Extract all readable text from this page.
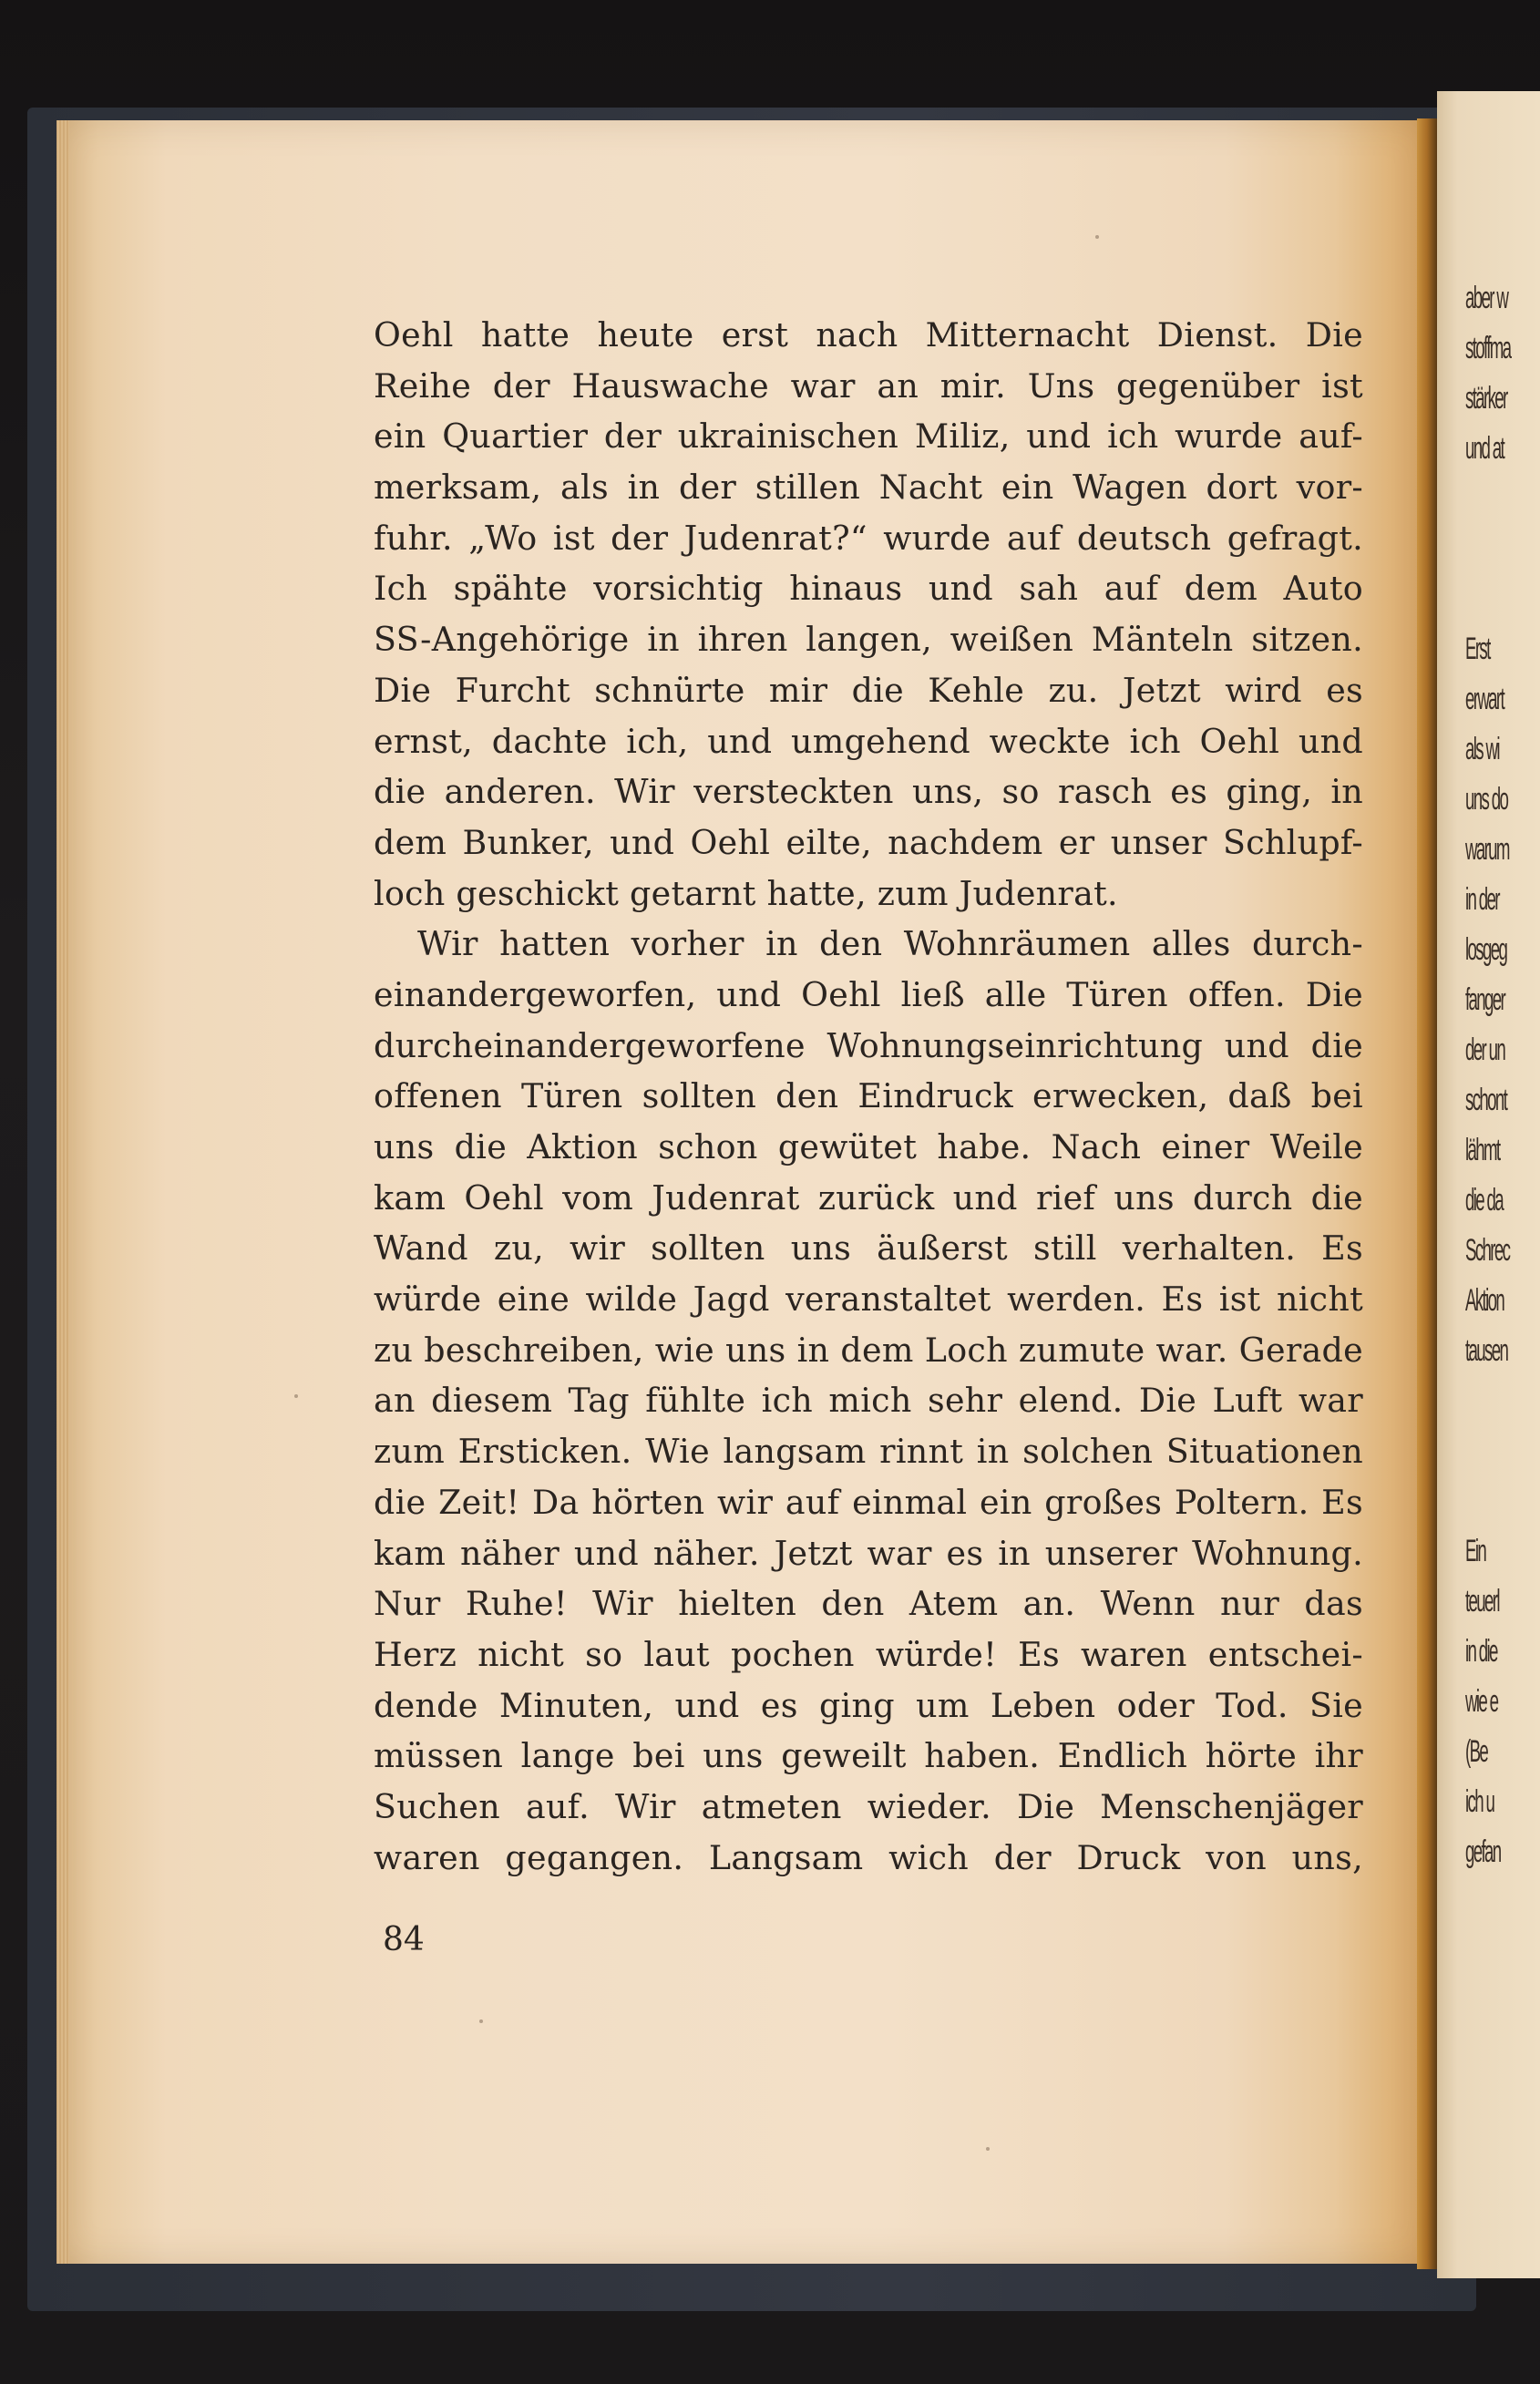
Oehl hatte heute erst nach Mitternacht Dienst. Die
Reihe der Hauswache war an mir. Uns gegenüber ist
ein Quartier der ukrainischen Miliz, und ich wurde auf-
merksam, als in der stillen Nacht ein Wagen dort vor-
fuhr. „Wo ist der Judenrat?“ wurde auf deutsch gefragt.
Ich spähte vorsichtig hinaus und sah auf dem Auto
SS-Angehörige in ihren langen, weißen Mänteln sitzen.
Die Furcht schnürte mir die Kehle zu. Jetzt wird es
ernst, dachte ich, und umgehend weckte ich Oehl und
die anderen. Wir versteckten uns, so rasch es ging, in
dem Bunker, und Oehl eilte, nachdem er unser Schlupf-
loch geschickt getarnt hatte, zum Judenrat.
Wir hatten vorher in den Wohnräumen alles durch-
einandergeworfen, und Oehl ließ alle Türen offen. Die
durcheinandergeworfene Wohnungseinrichtung und die
offenen Türen sollten den Eindruck erwecken, daß bei
uns die Aktion schon gewütet habe. Nach einer Weile
kam Oehl vom Judenrat zurück und rief uns durch die
Wand zu, wir sollten uns äußerst still verhalten. Es
würde eine wilde Jagd veranstaltet werden. Es ist nicht
zu beschreiben, wie uns in dem Loch zumute war. Gerade
an diesem Tag fühlte ich mich sehr elend. Die Luft war
zum Ersticken. Wie langsam rinnt in solchen Situationen
die Zeit! Da hörten wir auf einmal ein großes Poltern. Es
kam näher und näher. Jetzt war es in unserer Wohnung.
Nur Ruhe! Wir hielten den Atem an. Wenn nur das
Herz nicht so laut pochen würde! Es waren entschei-
dende Minuten, und es ging um Leben oder Tod. Sie
müssen lange bei uns geweilt haben. Endlich hörte ihr
Suchen auf. Wir atmeten wieder. Die Menschenjäger
waren gegangen. Langsam wich der Druck von uns,
84
aber w
stoffma
stärker
und at
Erst
erwart
als wi
uns do
warum
in der
losgeg
fanger
der un
schont
lähmt
die da
Schrec
Aktion
tausen
Ein
teuerl
in die
wie e
(Be
ich u
